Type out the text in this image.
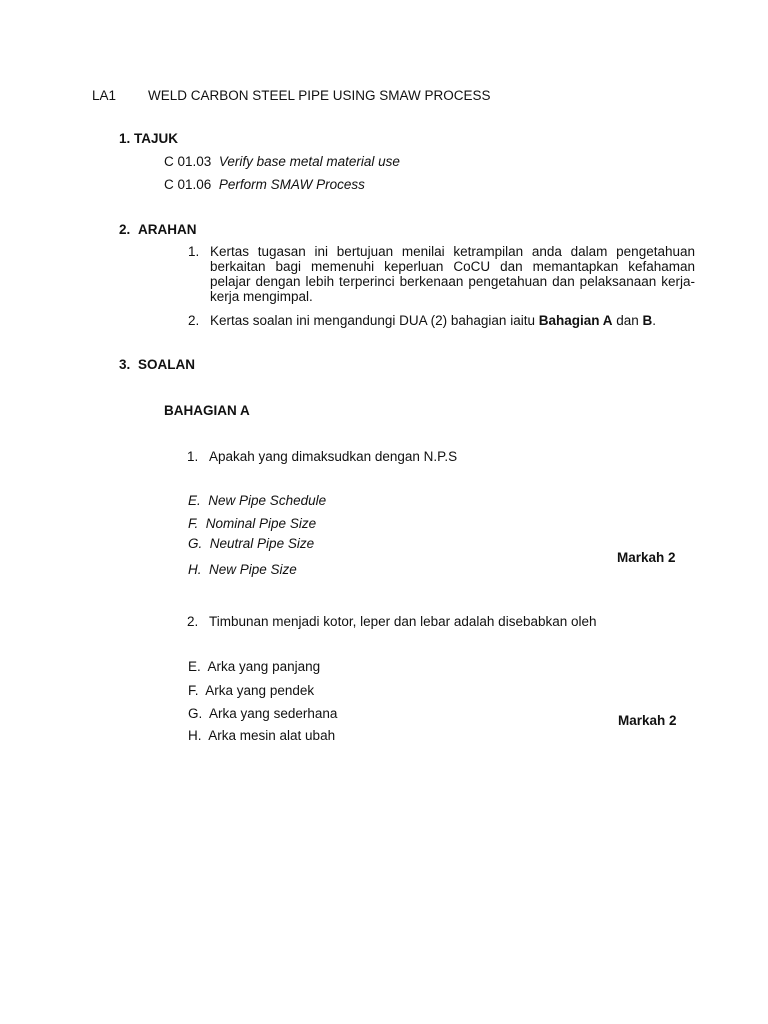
LA1 WELD CARBON STEEL PIPE USING SMAW PROCESS
1. TAJUK
C 01.03 Verify base metal material use
C 01.06 Perform SMAW Process
2. ARAHAN
1. Kertas tugasan ini bertujuan menilai ketrampilan anda dalam pengetahuan berkaitan bagi memenuhi keperluan CoCU dan memantapkan kefahaman pelajar dengan lebih terperinci berkenaan pengetahuan dan pelaksanaan kerja-kerja mengimpal.
2. Kertas soalan ini mengandungi DUA (2) bahagian iaitu Bahagian A dan B.
3. SOALAN
BAHAGIAN A
1. Apakah yang dimaksudkan dengan N.P.S
E. New Pipe Schedule
F. Nominal Pipe Size
G. Neutral Pipe Size
H. New Pipe Size
Markah 2
2. Timbunan menjadi kotor, leper dan lebar adalah disebabkan oleh
E. Arka yang panjang
F. Arka yang pendek
G. Arka yang sederhana
H. Arka mesin alat ubah
Markah 2
